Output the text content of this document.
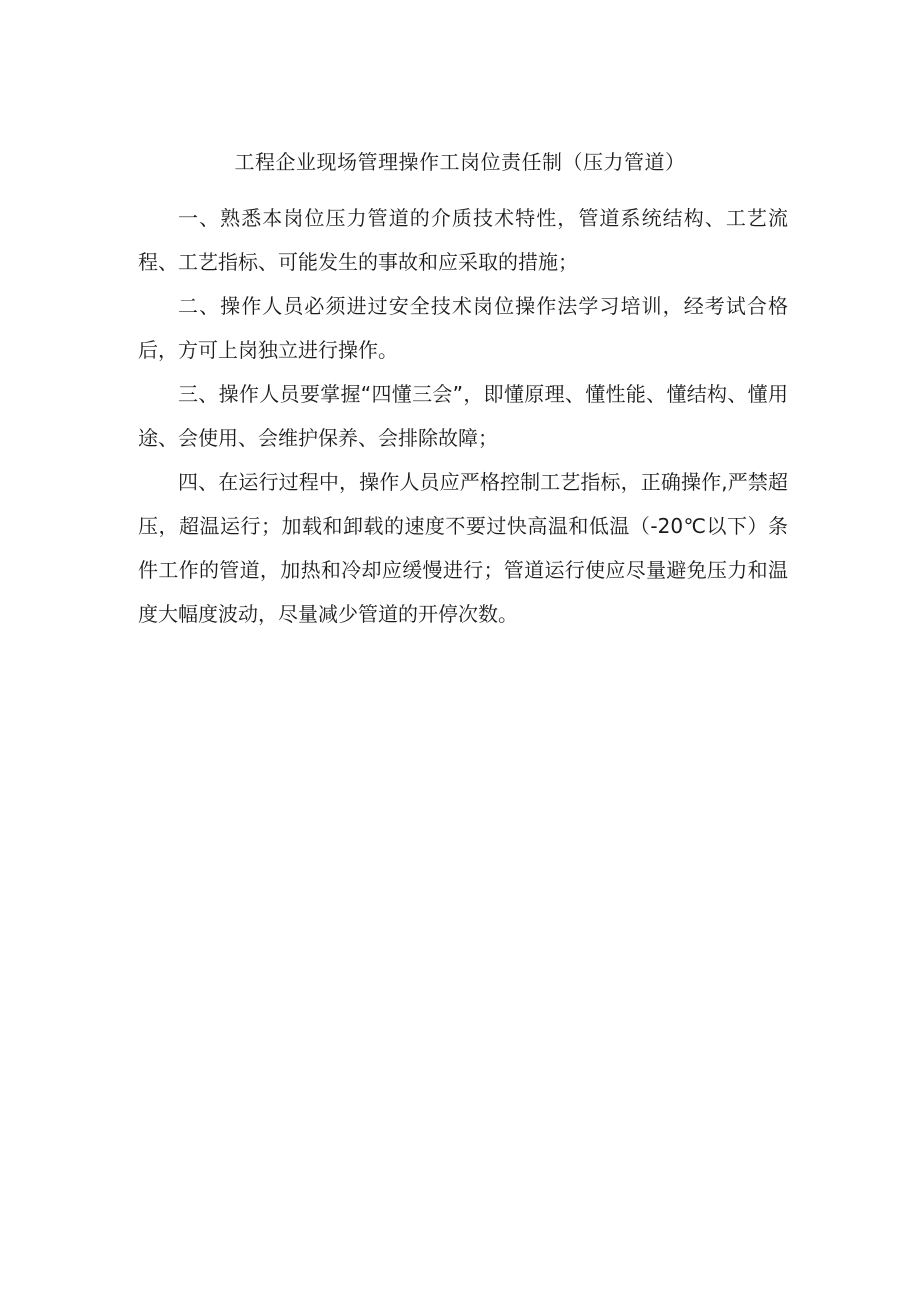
工程企业现场管理操作工岗位责任制（压力管道）

一、熟悉本岗位压力管道的介质技术特性，管道系统结构、工艺流程、工艺指标、可能发生的事故和应采取的措施；

二、操作人员必须进过安全技术岗位操作法学习培训，经考试合格后，方可上岗独立进行操作。

三、操作人员要掌握“四懂三会”，即懂原理、懂性能、懂结构、懂用途、会使用、会维护保养、会排除故障；

四、在运行过程中，操作人员应严格控制工艺指标，正确操作,严禁超压，超温运行；加载和卸载的速度不要过快高温和低温（-20℃以下）条件工作的管道，加热和冷却应缓慢进行；管道运行使应尽量避免压力和温度大幅度波动，尽量减少管道的开停次数。
